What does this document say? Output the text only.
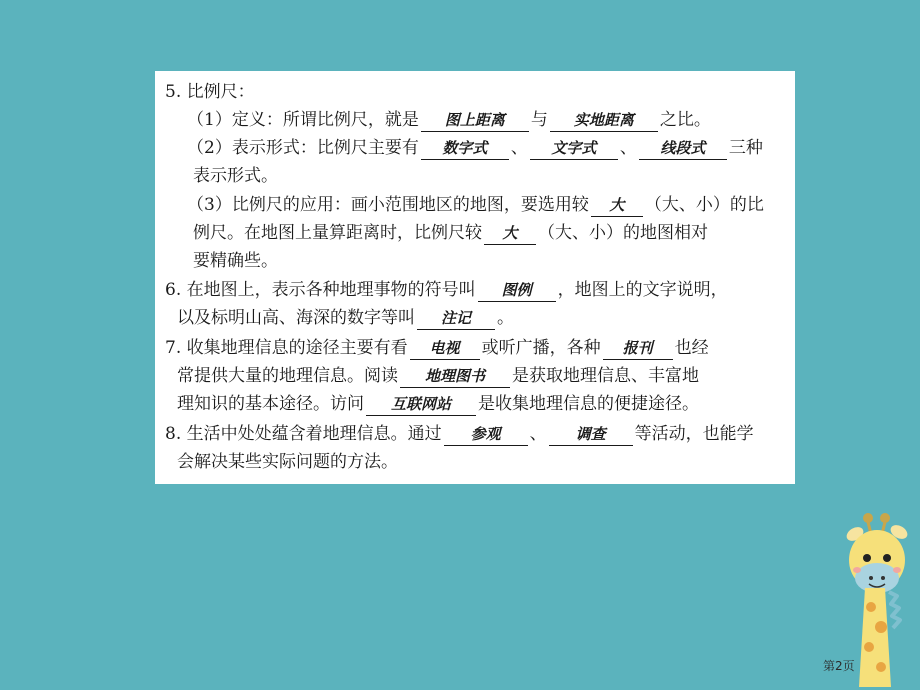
5. 比例尺：
（1）定义：所谓比例尺，就是 图上距离 与 实地距离 之比。
（2）表示形式：比例尺主要有 数字式 、 文字式 、 线段式 三种
表示形式。
（3）比例尺的应用：画小范围地区的地图，要选用较 大 （大、小）的比
例尺。在地图上量算距离时，比例尺较 大 （大、小）的地图相对
要精确些。
6. 在地图上，表示各种地理事物的符号叫 图例 ，地图上的文字说明，
以及标明山高、海深的数字等叫 注记 。
7. 收集地理信息的途径主要有看 电视 或听广播，各种 报刊 也经
常提供大量的地理信息。阅读 地理图书 是获取地理信息、丰富地
理知识的基本途径。访问 互联网站 是收集地理信息的便捷途径。
8. 生活中处处蕴含着地理信息。通过 参观 、 调查 等活动，也能学
会解决某些实际问题的方法。
第2页
